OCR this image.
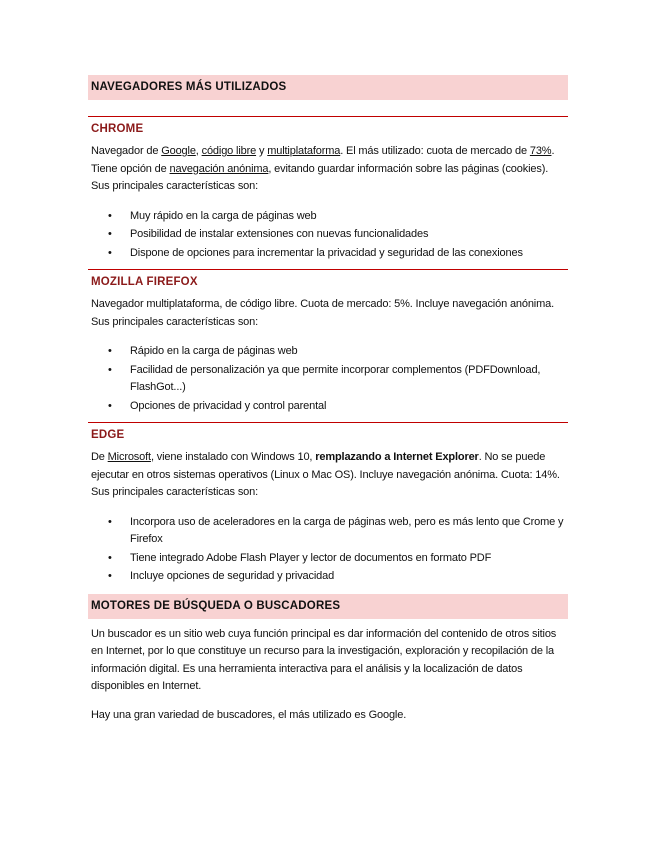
NAVEGADORES MÁS UTILIZADOS
CHROME

Navegador de Google, código libre y multiplataforma. El más utilizado: cuota de mercado de 73%. Tiene opción de navegación anónima, evitando guardar información sobre las páginas (cookies). Sus principales características son:

• Muy rápido en la carga de páginas web
• Posibilidad de instalar extensiones con nuevas funcionalidades
• Dispone de opciones para incrementar la privacidad y seguridad de las conexiones
MOZILLA FIREFOX

Navegador multiplataforma, de código libre. Cuota de mercado: 5%. Incluye navegación anónima. Sus principales características son:

• Rápido en la carga de páginas web
• Facilidad de personalización ya que permite incorporar complementos (PDFDownload, FlashGot...)
• Opciones de privacidad y control parental
EDGE

De Microsoft, viene instalado con Windows 10, remplazando a Internet Explorer. No se puede ejecutar en otros sistemas operativos (Linux o Mac OS). Incluye navegación anónima. Cuota: 14%. Sus principales características son:

• Incorpora uso de aceleradores en la carga de páginas web, pero es más lento que Crome y Firefox
• Tiene integrado Adobe Flash Player y lector de documentos en formato PDF
• Incluye opciones de seguridad y privacidad
MOTORES DE BÚSQUEDA O BUSCADORES

Un buscador es un sitio web cuya función principal es dar información del contenido de otros sitios en Internet, por lo que constituye un recurso para la investigación, exploración y recopilación de la información digital. Es una herramienta interactiva para el análisis y la localización de datos disponibles en Internet.

Hay una gran variedad de buscadores, el más utilizado es Google.
